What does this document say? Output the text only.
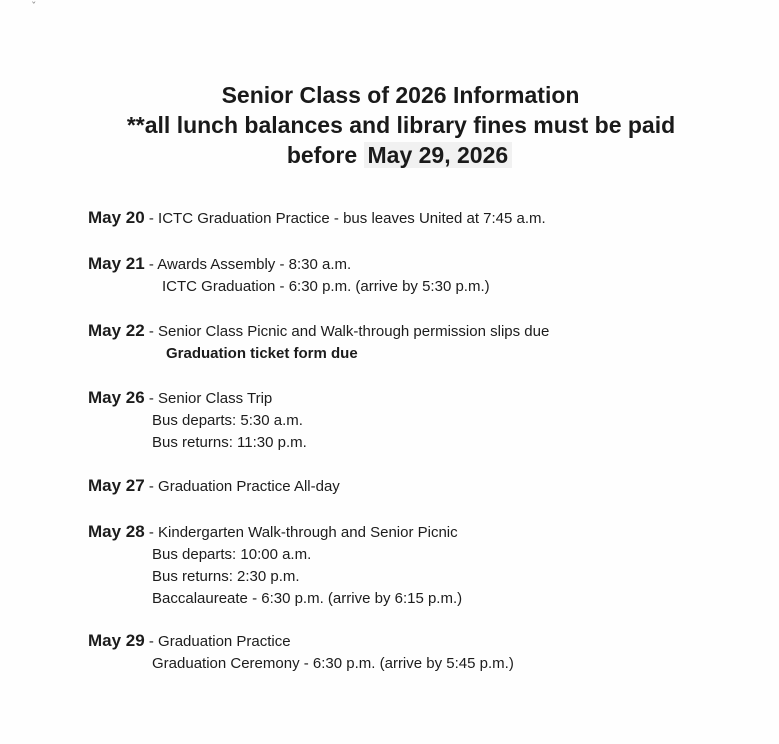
ˇ
Senior Class of 2026 Information
**all lunch balances and library fines must be paid
before May 29, 2026
May 20 - ICTC Graduation Practice - bus leaves United at 7:45 a.m.
May 21 - Awards Assembly - 8:30 a.m.
ICTC Graduation - 6:30 p.m. (arrive by 5:30 p.m.)
May 22 - Senior Class Picnic and Walk-through permission slips due
Graduation ticket form due
May 26 - Senior Class Trip
Bus departs: 5:30 a.m.
Bus returns: 11:30 p.m.
May 27 - Graduation Practice All-day
May 28 - Kindergarten Walk-through and Senior Picnic
Bus departs: 10:00 a.m.
Bus returns: 2:30 p.m.
Baccalaureate - 6:30 p.m. (arrive by 6:15 p.m.)
May 29 - Graduation Practice
Graduation Ceremony - 6:30 p.m. (arrive by 5:45 p.m.)
